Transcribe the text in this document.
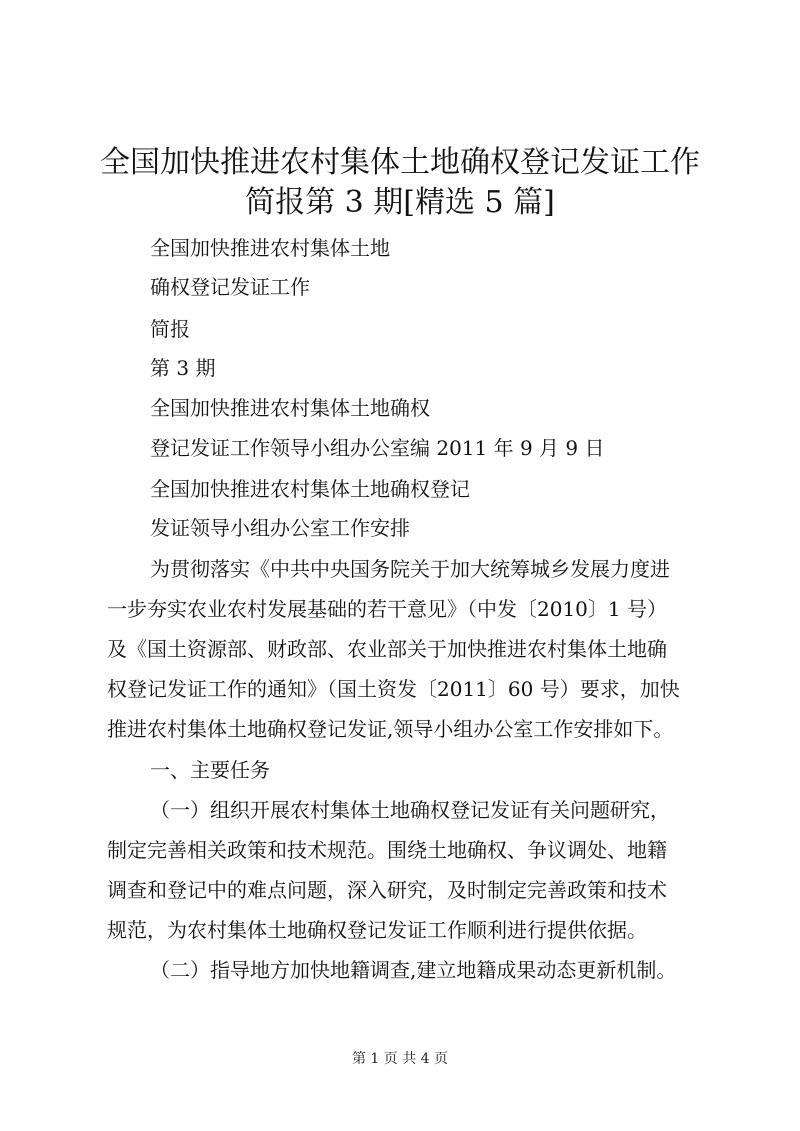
全国加快推进农村集体土地确权登记发证工作
简报第 3 期[精选 5 篇]
全国加快推进农村集体土地
确权登记发证工作
简报
第 3 期
全国加快推进农村集体土地确权
登记发证工作领导小组办公室编 2011 年 9 月 9 日
全国加快推进农村集体土地确权登记
发证领导小组办公室工作安排
为贯彻落实《中共中央国务院关于加大统筹城乡发展力度进
一步夯实农业农村发展基础的若干意见》（中发〔2010〕1 号）
及《国土资源部、财政部、农业部关于加快推进农村集体土地确
权登记发证工作的通知》（国土资发〔2011〕60 号）要求，加快
推进农村集体土地确权登记发证,领导小组办公室工作安排如下。
一、主要任务
（一）组织开展农村集体土地确权登记发证有关问题研究，
制定完善相关政策和技术规范。围绕土地确权、争议调处、地籍
调查和登记中的难点问题，深入研究，及时制定完善政策和技术
规范，为农村集体土地确权登记发证工作顺利进行提供依据。
（二）指导地方加快地籍调查,建立地籍成果动态更新机制。
第 1 页 共 4 页
